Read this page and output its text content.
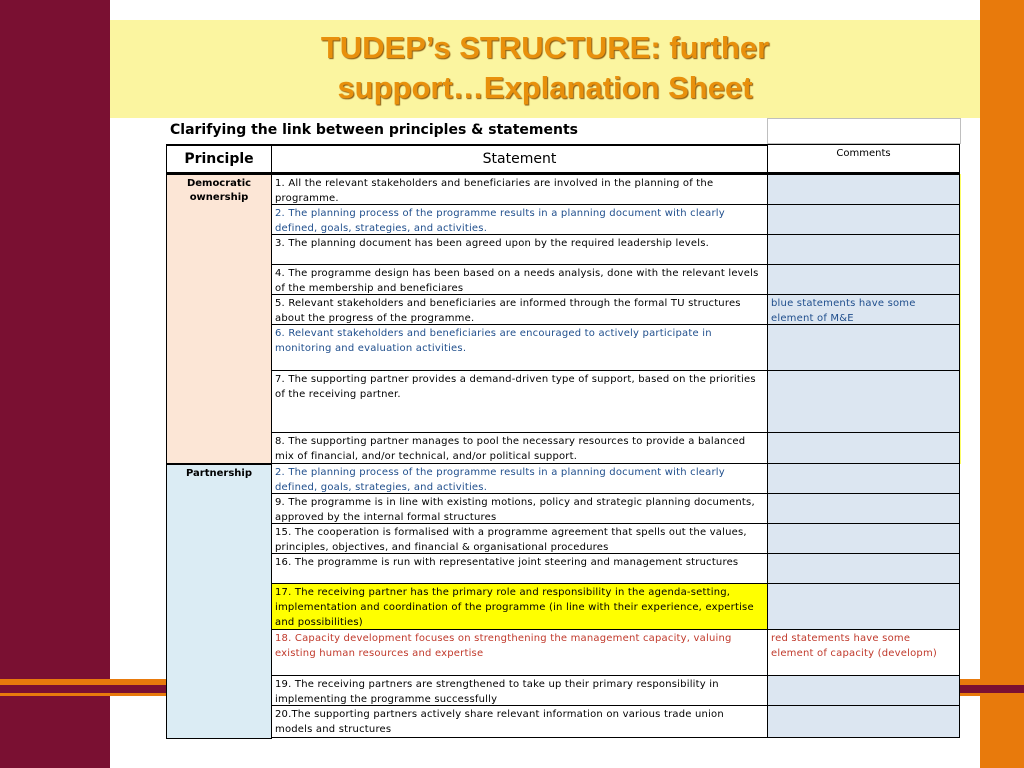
TUDEP’s STRUCTURE: further
support…Explanation Sheet
Clarifying the link between principles & statements
Principle	Statement	Comments
Democratic ownership
Partnership
1. All the relevant stakeholders and beneficiaries are involved in the planning of the programme.
2. The planning process of the programme results in a planning document with clearly defined, goals, strategies, and activities.
3. The planning document has been agreed upon by the required leadership levels.
4. The programme design has been based on a needs analysis, done with the relevant levels of the membership and beneficiares
5. Relevant stakeholders and beneficiaries are informed through the formal TU structures about the progress of the programme.
blue statements have some element of M&E
6. Relevant stakeholders and beneficiaries are encouraged to actively participate in monitoring and evaluation activities.
7. The supporting partner provides a demand-driven type of support, based on the priorities of the receiving partner.
8. The supporting partner manages to pool the necessary resources to provide a balanced mix of financial, and/or technical, and/or political support.
2. The planning process of the programme results in a planning document with clearly defined, goals, strategies, and activities.
9. The programme is in line with existing motions, policy and strategic planning documents, approved by the internal formal structures
15. The cooperation is formalised with a programme agreement that spells out the values, principles, objectives, and financial & organisational procedures
16. The programme is run with representative joint steering and management structures
17. The receiving partner has the primary role and responsibility in the agenda-setting, implementation and coordination of the programme (in line with their experience, expertise and possibilities)
18. Capacity development focuses on strengthening the management capacity, valuing existing human resources and expertise
red statements have some element of capacity (developm)
19. The receiving partners are strengthened to take up their primary responsibility in implementing the programme successfully
20.The supporting partners actively share relevant information on various trade union models and structures
